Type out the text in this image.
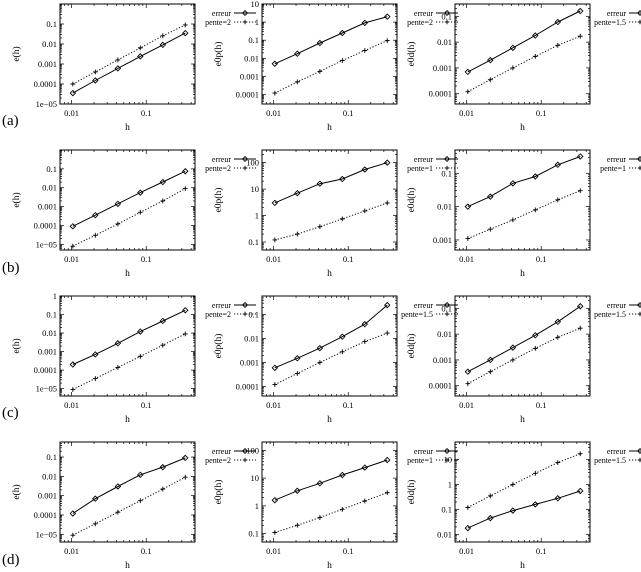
(a)
(b)
(c)
(d)
0.01	0.1
1e−05
0.0001
0.001
0.01
0.1
h
e(h)
erreur
pente=2
0.01	0.1
0.0001
0.001
0.01
0.1
1
10
h
e0p(h)
erreur
pente=2
0.01	0.1
0.0001
0.001
0.01
0.1
h
e0d(h)
erreur
pente=1.5
0.01	0.1
1e−05
0.0001
0.001
0.01
0.1
h
e(h)
erreur
pente=2
0.01	0.1
0.1
1
10
100
h
e0p(h)
erreur
pente=1
0.01	0.1
0.001
0.01
0.1
h
e0d(h)
erreur
pente=1
0.01	0.1
1e−05
0.0001
0.001
0.01
0.1
1
h
e(h)
erreur
pente=2
0.01	0.1
0.0001
0.001
0.01
0.1
h
e0p(h)
erreur
pente=1.5
0.01	0.1
0.0001
0.001
0.01
0.1
h
e0d(h)
erreur
pente=1.5
0.01	0.1
1e−05
0.0001
0.001
0.01
0.1
h
e(h)
erreur
pente=2
0.01	0.1
0.1
1
10
100
h
e0p(h)
erreur
pente=1
0.01	0.1
0.01
0.1
1
10
h
e0d(h)
erreur
pente=1.5
